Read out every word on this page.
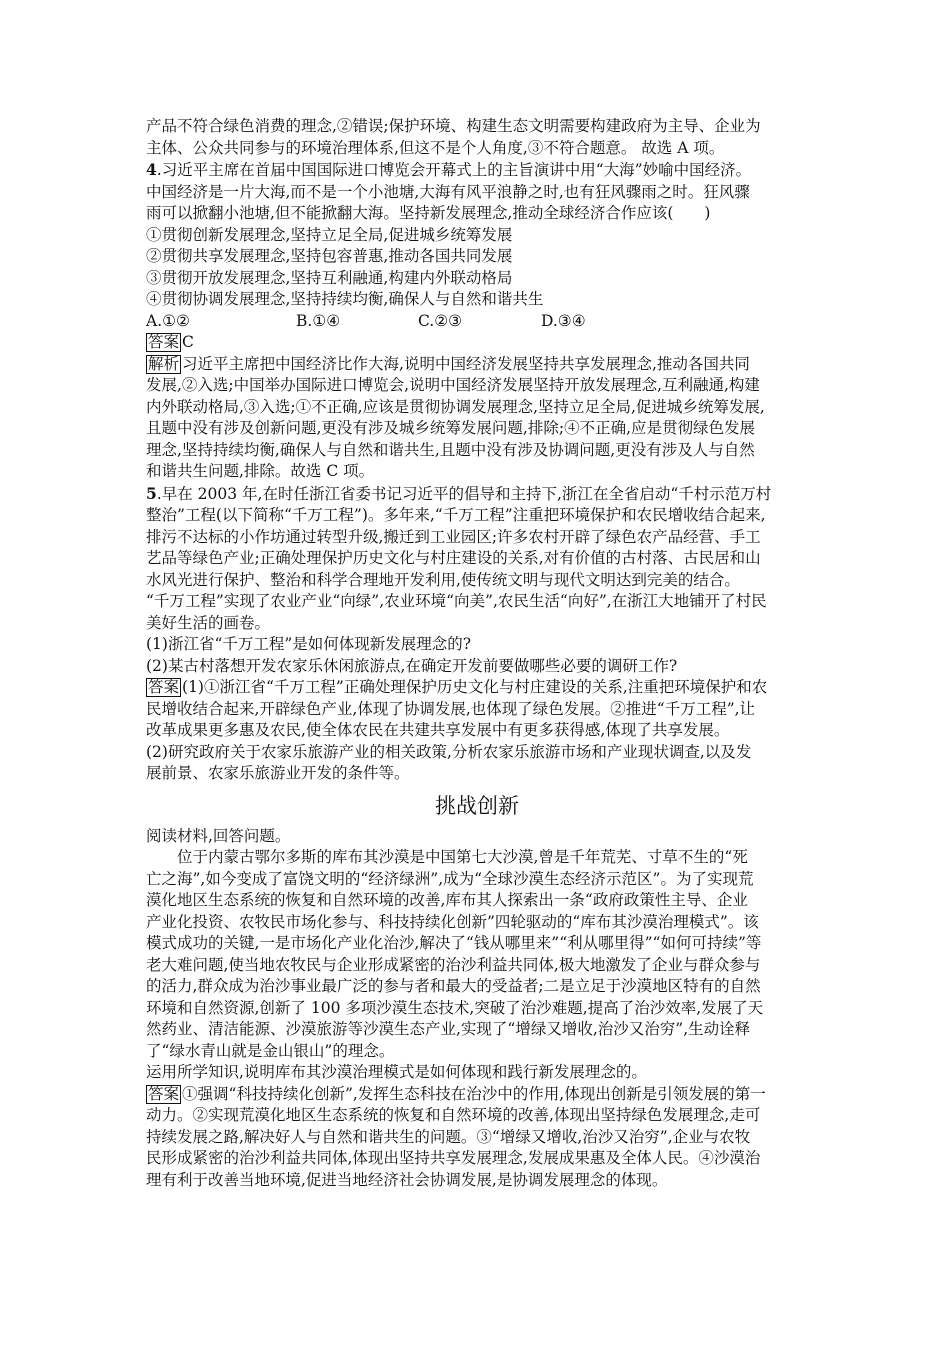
产品不符合绿色消费的理念,②错误;保护环境、构建生态文明需要构建政府为主导、企业为
主体、公众共同参与的环境治理体系,但这不是个人角度,③不符合题意。 故选 A 项。
4.习近平主席在首届中国国际进口博览会开幕式上的主旨演讲中用“大海”妙喻中国经济。
中国经济是一片大海,而不是一个小池塘,大海有风平浪静之时,也有狂风骤雨之时。狂风骤
雨可以掀翻小池塘,但不能掀翻大海。坚持新发展理念,推动全球经济合作应该(　　)
①贯彻创新发展理念,坚持立足全局,促进城乡统筹发展
②贯彻共享发展理念,坚持包容普惠,推动各国共同发展
③贯彻开放发展理念,坚持互利融通,构建内外联动格局
④贯彻协调发展理念,坚持持续均衡,确保人与自然和谐共生
A.①②	B.①④	C.②③	D.③④
答案 C
解析 习近平主席把中国经济比作大海,说明中国经济发展坚持共享发展理念,推动各国共同
发展,②入选;中国举办国际进口博览会,说明中国经济发展坚持开放发展理念,互利融通,构建
内外联动格局,③入选;①不正确,应该是贯彻协调发展理念,坚持立足全局,促进城乡统筹发展,
且题中没有涉及创新问题,更没有涉及城乡统筹发展问题,排除;④不正确,应是贯彻绿色发展
理念,坚持持续均衡,确保人与自然和谐共生,且题中没有涉及协调问题,更没有涉及人与自然
和谐共生问题,排除。故选 C 项。
5.早在 2003 年,在时任浙江省委书记习近平的倡导和主持下,浙江在全省启动“千村示范万村
整治”工程(以下简称“千万工程”)。多年来,“千万工程”注重把环境保护和农民增收结合起来,
排污不达标的小作坊通过转型升级,搬迁到工业园区;许多农村开辟了绿色农产品经营、手工
艺品等绿色产业;正确处理保护历史文化与村庄建设的关系,对有价值的古村落、古民居和山
水风光进行保护、整治和科学合理地开发利用,使传统文明与现代文明达到完美的结合。
“千万工程”实现了农业产业“向绿”,农业环境“向美”,农民生活“向好”,在浙江大地铺开了村民
美好生活的画卷。
(1)浙江省“千万工程”是如何体现新发展理念的?
(2)某古村落想开发农家乐休闲旅游点,在确定开发前要做哪些必要的调研工作?
答案 (1)①浙江省“千万工程”正确处理保护历史文化与村庄建设的关系,注重把环境保护和农
民增收结合起来,开辟绿色产业,体现了协调发展,也体现了绿色发展。②推进“千万工程”,让
改革成果更多惠及农民,使全体农民在共建共享发展中有更多获得感,体现了共享发展。
(2)研究政府关于农家乐旅游产业的相关政策,分析农家乐旅游市场和产业现状调查,以及发
展前景、农家乐旅游业开发的条件等。
挑战创新
阅读材料,回答问题。
位于内蒙古鄂尔多斯的库布其沙漠是中国第七大沙漠,曾是千年荒芜、寸草不生的“死
亡之海”,如今变成了富饶文明的“经济绿洲”,成为“全球沙漠生态经济示范区”。为了实现荒
漠化地区生态系统的恢复和自然环境的改善,库布其人探索出一条“政府政策性主导、企业
产业化投资、农牧民市场化参与、科技持续化创新”四轮驱动的“库布其沙漠治理模式”。该
模式成功的关键,一是市场化产业化治沙,解决了“钱从哪里来”“利从哪里得”“如何可持续”等
老大难问题,使当地农牧民与企业形成紧密的治沙利益共同体,极大地激发了企业与群众参与
的活力,群众成为治沙事业最广泛的参与者和最大的受益者;二是立足于沙漠地区特有的自然
环境和自然资源,创新了 100 多项沙漠生态技术,突破了治沙难题,提高了治沙效率,发展了天
然药业、清洁能源、沙漠旅游等沙漠生态产业,实现了“增绿又增收,治沙又治穷”,生动诠释
了“绿水青山就是金山银山”的理念。
运用所学知识,说明库布其沙漠治理模式是如何体现和践行新发展理念的。
答案 ①强调“科技持续化创新”,发挥生态科技在治沙中的作用,体现出创新是引领发展的第一
动力。②实现荒漠化地区生态系统的恢复和自然环境的改善,体现出坚持绿色发展理念,走可
持续发展之路,解决好人与自然和谐共生的问题。③“增绿又增收,治沙又治穷”,企业与农牧
民形成紧密的治沙利益共同体,体现出坚持共享发展理念,发展成果惠及全体人民。④沙漠治
理有利于改善当地环境,促进当地经济社会协调发展,是协调发展理念的体现。
